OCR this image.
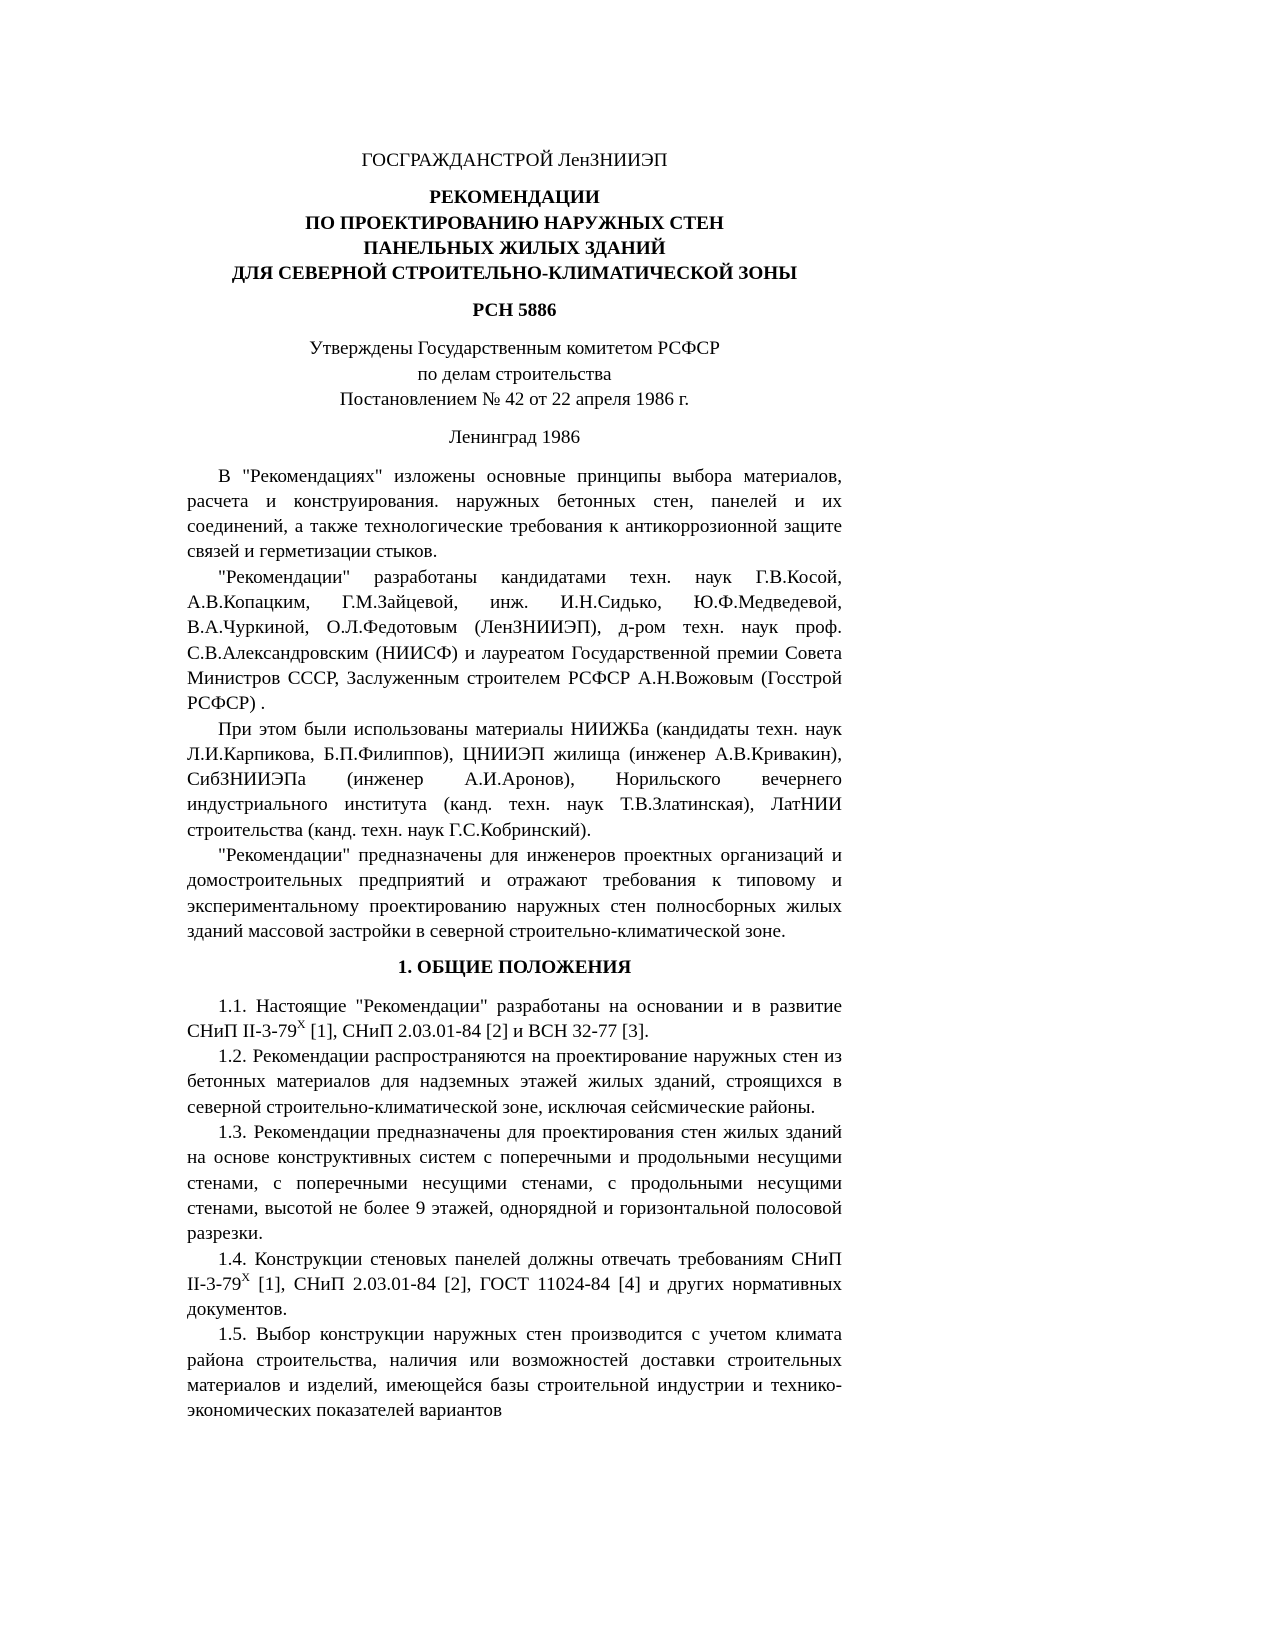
ГОСГРАЖДАНСТРОЙ ЛенЗНИИЭП
РЕКОМЕНДАЦИИ
ПО ПРОЕКТИРОВАНИЮ НАРУЖНЫХ СТЕН
ПАНЕЛЬНЫХ ЖИЛЫХ ЗДАНИЙ
ДЛЯ СЕВЕРНОЙ СТРОИТЕЛЬНО-КЛИМАТИЧЕСКОЙ ЗОНЫ
РСН 5886
Утверждены Государственным комитетом РСФСР
по делам строительства
Постановлением № 42 от 22 апреля 1986 г.
Ленинград 1986

В "Рекомендациях" изложены основные принципы выбора материалов, расчета и конструирования. наружных бетонных стен, панелей и их соединений, а также технологические требования к антикоррозионной защите связей и герметизации стыков.

"Рекомендации" разработаны кандидатами техн. наук Г.В.Косой, А.В.Копацким, Г.М.Зайцевой, инж. И.Н.Сидько, Ю.Ф.Медведевой, В.А.Чуркиной, О.Л.Федотовым (ЛенЗНИИЭП), д-ром техн. наук проф. С.В.Александровским (НИИСФ) и лауреатом Государственной премии Совета Министров СССР, Заслуженным строителем РСФСР А.Н.Вожовым (Госстрой РСФСР) .

При этом были использованы материалы НИИЖБа (кандидаты техн. наук Л.И.Карпикова, Б.П.Филиппов), ЦНИИЭП жилища (инженер А.В.Кривакин), СибЗНИИЭПа (инженер А.И.Аронов), Норильского вечернего индустриального института (канд. техн. наук Т.В.Златинская), ЛатНИИ строительства (канд. техн. наук Г.С.Кобринский).

"Рекомендации" предназначены для инженеров проектных организаций и домостроительных предприятий и отражают требования к типовому и экспериментальному проектированию наружных стен полносборных жилых зданий массовой застройки в северной строительно-климатической зоне.

1. ОБЩИЕ ПОЛОЖЕНИЯ

1.1. Настоящие "Рекомендации" разработаны на основании и в развитие СНиП $II-3-79^Х$ [1], СНиП 2.03.01-84 [2] и ВСН 32-77 [3].

1.2. Рекомендации распространяются на проектирование наружных стен из бетонных материалов для надземных этажей жилых зданий, строящихся в северной строительно-климатической зоне, исключая сейсмические районы.

1.3. Рекомендации предназначены для проектирования стен жилых зданий на основе конструктивных систем с поперечными и продольными несущими стенами, с поперечными несущими стенами, с продольными несущими стенами, высотой не более 9 этажей, однорядной и горизонтальной полосовой разрезки.

1.4. Конструкции стеновых панелей должны отвечать требованиям СНиП $II-3-79^Х$ [1], СНиП 2.03.01-84 [2], ГОСТ 11024-84 [4] и других нормативных документов.

1.5. Выбор конструкции наружных стен производится с учетом климата района строительства, наличия или возможностей доставки строительных материалов и изделий, имеющейся базы строительной индустрии и технико-экономических показателей вариантов
